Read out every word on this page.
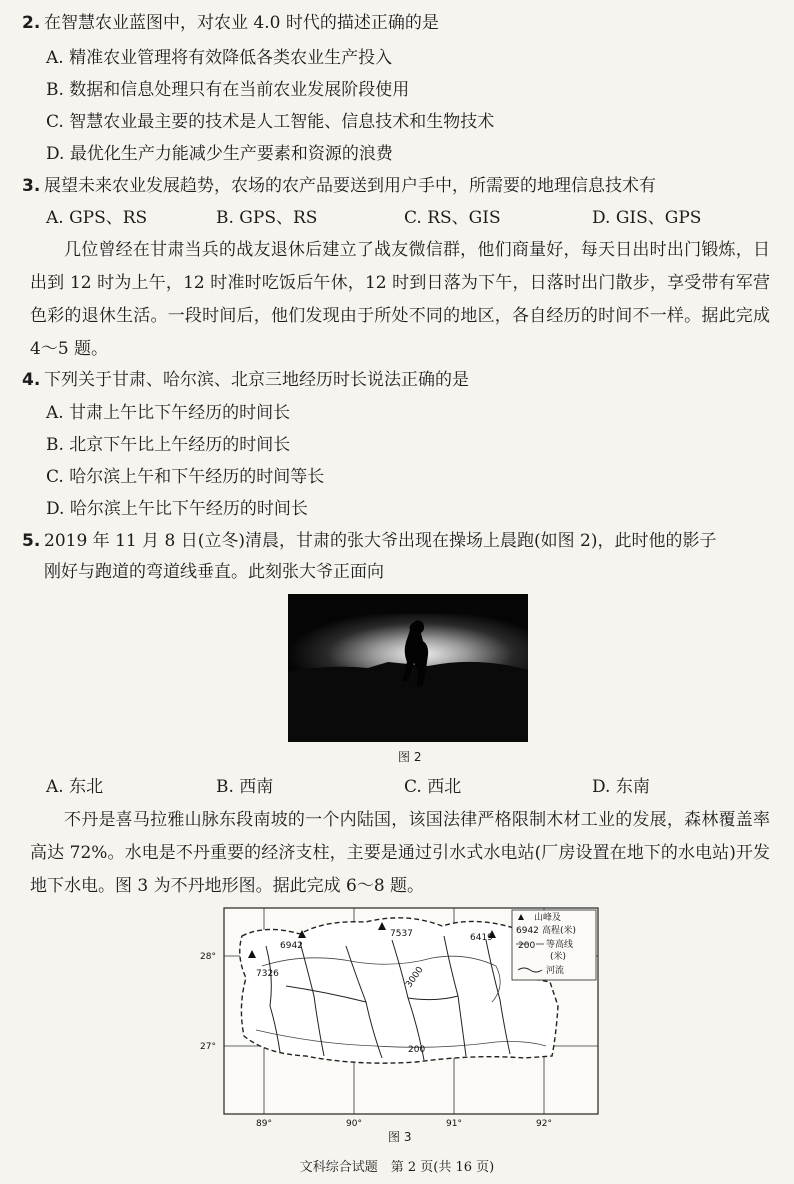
2. 在智慧农业蓝图中，对农业 4.0 时代的描述正确的是
A. 精准农业管理将有效降低各类农业生产投入
B. 数据和信息处理只有在当前农业发展阶段使用
C. 智慧农业最主要的技术是人工智能、信息技术和生物技术
D. 最优化生产力能减少生产要素和资源的浪费
3. 展望未来农业发展趋势，农场的农产品要送到用户手中，所需要的地理信息技术有
A. GPS、RS	B. GPS、RS	C. RS、GIS	D. GIS、GPS
几位曾经在甘肃当兵的战友退休后建立了战友微信群，他们商量好，每天日出时出门锻炼，日出到 12 时为上午，12 时准时吃饭后午休，12 时到日落为下午，日落时出门散步，享受带有军营色彩的退休生活。一段时间后，他们发现由于所处不同的地区，各自经历的时间不一样。据此完成 4～5 题。
4. 下列关于甘肃、哈尔滨、北京三地经历时长说法正确的是
A. 甘肃上午比下午经历的时间长
B. 北京下午比上午经历的时间长
C. 哈尔滨上午和下午经历的时间等长
D. 哈尔滨上午比下午经历的时间长
5. 2019 年 11 月 8 日(立冬)清晨，甘肃的张大爷出现在操场上晨跑(如图 2)，此时他的影子
刚好与跑道的弯道线垂直。此刻张大爷正面向
图 2
A. 东北	B. 西南	C. 西北	D. 东南
不丹是喜马拉雅山脉东段南坡的一个内陆国，该国法律严格限制木材工业的发展，森林覆盖率高达 72%。水电是不丹重要的经济支柱，主要是通过引水式水电站(厂房设置在地下的水电站)开发地下水电。图 3 为不丹地形图。据此完成 6～8 题。
6942
7537	6419
7326	3000
200
28°
27°
89°	90°	91°	92°
山峰及
6942 高程(米)
200 等高线
(米)
河流
图 3
文科综合试题　第 2 页(共 16 页)
